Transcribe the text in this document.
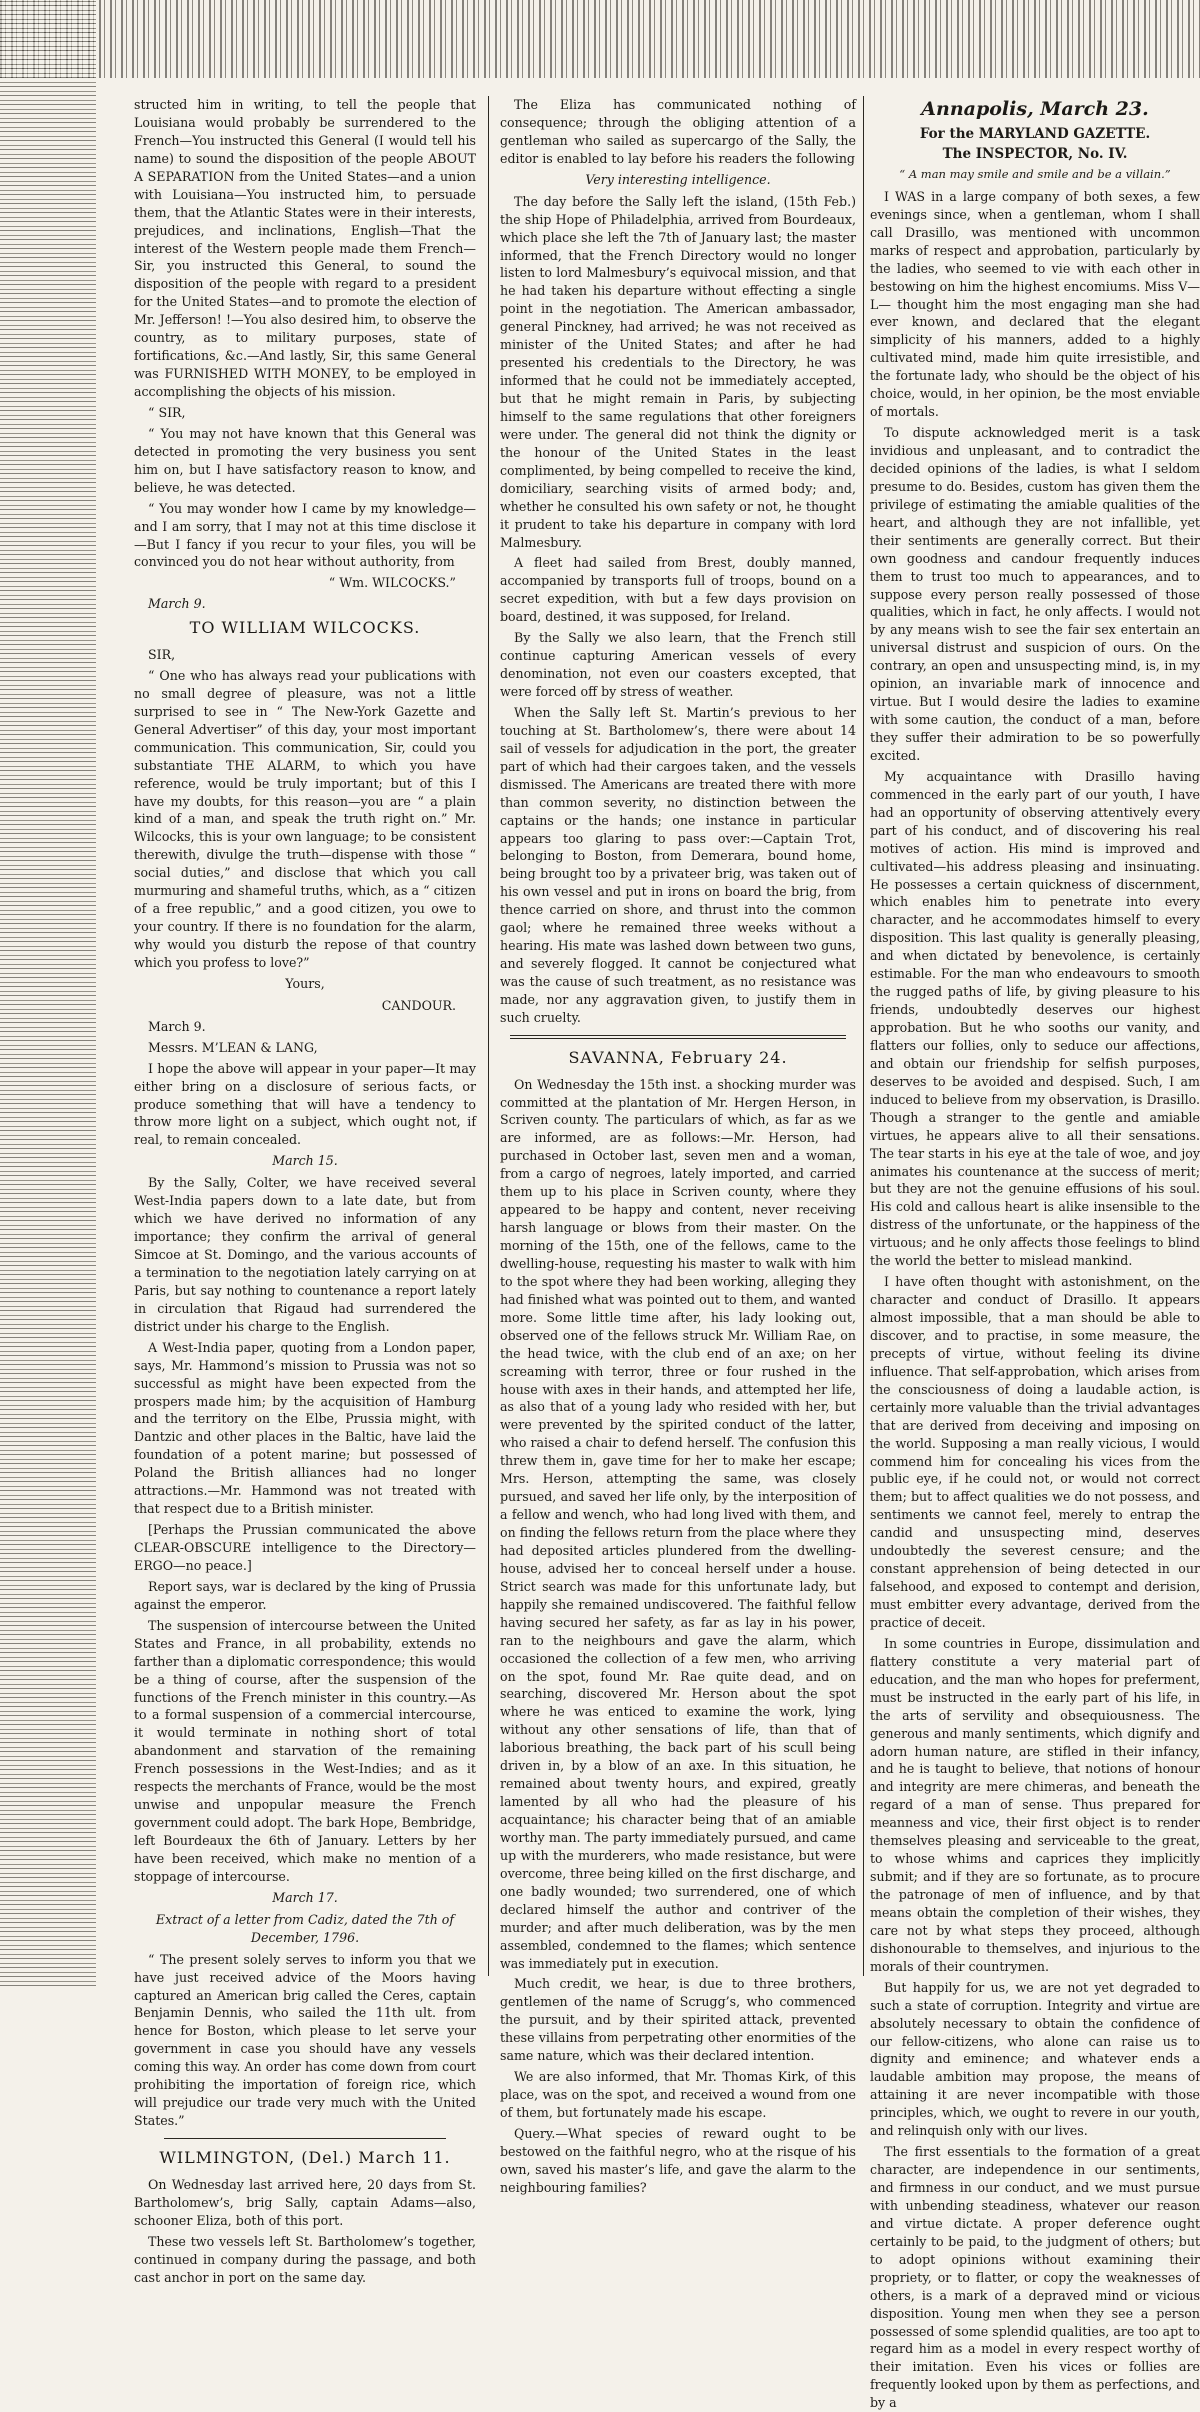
structed him in writing, to tell the people that Louisiana would probably be surrendered to the French—You instructed this General (I would tell his name) to sound the disposition of the people ABOUT A SEPARATION from the United States—and a union with Louisiana—You instructed him, to persuade them, that the Atlantic States were in their interests, prejudices, and inclinations, English—That the interest of the Western people made them French—Sir, you instructed this General, to sound the disposition of the people with regard to a president for the United States—and to promote the election of Mr. Jefferson! !—You also desired him, to observe the country, as to military purposes, state of fortifications, &c.—And lastly, Sir, this same General was FURNISHED WITH MONEY, to be employed in accomplishing the objects of his mission.

“ SIR,

“ You may not have known that this General was detected in promoting the very business you sent him on, but I have satisfactory reason to know, and believe, he was detected.

“ You may wonder how I came by my knowledge—and I am sorry, that I may not at this time disclose it—But I fancy if you recur to your files, you will be convinced you do not hear without authority, from

“ Wm. WILCOCKS.”

March 9.

TO WILLIAM WILCOCKS.

SIR,

“ One who has always read your publications with no small degree of pleasure, was not a little surprised to see in “ The New-York Gazette and General Advertiser” of this day, your most important communication. This communication, Sir, could you substantiate THE ALARM, to which you have reference, would be truly important; but of this I have my doubts, for this reason—you are “ a plain kind of a man, and speak the truth right on.” Mr. Wilcocks, this is your own language; to be consistent therewith, divulge the truth—dispense with those “ social duties,” and disclose that which you call murmuring and shameful truths, which, as a “ citizen of a free republic,” and a good citizen, you owe to your country. If there is no foundation for the alarm, why would you disturb the repose of that country which you profess to love?”

Yours,

CANDOUR.

March 9.

Messrs. M’LEAN & LANG,

I hope the above will appear in your paper—It may either bring on a disclosure of serious facts, or produce something that will have a tendency to throw more light on a subject, which ought not, if real, to remain concealed.

March 15.

By the Sally, Colter, we have received several West-India papers down to a late date, but from which we have derived no information of any importance; they confirm the arrival of general Simcoe at St. Domingo, and the various accounts of a termination to the negotiation lately carrying on at Paris, but say nothing to countenance a report lately in circulation that Rigaud had surrendered the district under his charge to the English.

A West-India paper, quoting from a London paper, says, Mr. Hammond’s mission to Prussia was not so successful as might have been expected from the prospers made him; by the acquisition of Hamburg and the territory on the Elbe, Prussia might, with Dantzic and other places in the Baltic, have laid the foundation of a potent marine; but possessed of Poland the British alliances had no longer attractions.—Mr. Hammond was not treated with that respect due to a British minister.

[Perhaps the Prussian communicated the above CLEAR-OBSCURE intelligence to the Directory—ERGO—no peace.]

Report says, war is declared by the king of Prussia against the emperor.

The suspension of intercourse between the United States and France, in all probability, extends no farther than a diplomatic correspondence; this would be a thing of course, after the suspension of the functions of the French minister in this country.—As to a formal suspension of a commercial intercourse, it would terminate in nothing short of total abandonment and starvation of the remaining French possessions in the West-Indies; and as it respects the merchants of France, would be the most unwise and unpopular measure the French government could adopt. The bark Hope, Bembridge, left Bourdeaux the 6th of January. Letters by her have been received, which make no mention of a stoppage of intercourse.

March 17.

Extract of a letter from Cadiz, dated the 7th of December, 1796.

“ The present solely serves to inform you that we have just received advice of the Moors having captured an American brig called the Ceres, captain Benjamin Dennis, who sailed the 11th ult. from hence for Boston, which please to let serve your government in case you should have any vessels coming this way. An order has come down from court prohibiting the importation of foreign rice, which will prejudice our trade very much with the United States.”

WILMINGTON, (Del.) March 11.

On Wednesday last arrived here, 20 days from St. Bartholomew’s, brig Sally, captain Adams—also, schooner Eliza, both of this port.

These two vessels left St. Bartholomew’s together, continued in company during the passage, and both cast anchor in port on the same day.

The Eliza has communicated nothing of consequence; through the obliging attention of a gentleman who sailed as supercargo of the Sally, the editor is enabled to lay before his readers the following

Very interesting intelligence.

The day before the Sally left the island, (15th Feb.) the ship Hope of Philadelphia, arrived from Bourdeaux, which place she left the 7th of January last; the master informed, that the French Directory would no longer listen to lord Malmesbury’s equivocal mission, and that he had taken his departure without effecting a single point in the negotiation. The American ambassador, general Pinckney, had arrived; he was not received as minister of the United States; and after he had presented his credentials to the Directory, he was informed that he could not be immediately accepted, but that he might remain in Paris, by subjecting himself to the same regulations that other foreigners were under. The general did not think the dignity or the honour of the United States in the least complimented, by being compelled to receive the kind, domiciliary, searching visits of armed body; and, whether he consulted his own safety or not, he thought it prudent to take his departure in company with lord Malmesbury.

A fleet had sailed from Brest, doubly manned, accompanied by transports full of troops, bound on a secret expedition, with but a few days provision on board, destined, it was supposed, for Ireland.

By the Sally we also learn, that the French still continue capturing American vessels of every denomination, not even our coasters excepted, that were forced off by stress of weather.

When the Sally left St. Martin’s previous to her touching at St. Bartholomew’s, there were about 14 sail of vessels for adjudication in the port, the greater part of which had their cargoes taken, and the vessels dismissed. The Americans are treated there with more than common severity, no distinction between the captains or the hands; one instance in particular appears too glaring to pass over:—Captain Trot, belonging to Boston, from Demerara, bound home, being brought too by a privateer brig, was taken out of his own vessel and put in irons on board the brig, from thence carried on shore, and thrust into the common gaol; where he remained three weeks without a hearing. His mate was lashed down between two guns, and severely flogged. It cannot be conjectured what was the cause of such treatment, as no resistance was made, nor any aggravation given, to justify them in such cruelty.

SAVANNA, February 24.

On Wednesday the 15th inst. a shocking murder was committed at the plantation of Mr. Hergen Herson, in Scriven county. The particulars of which, as far as we are informed, are as follows:—Mr. Herson, had purchased in October last, seven men and a woman, from a cargo of negroes, lately imported, and carried them up to his place in Scriven county, where they appeared to be happy and content, never receiving harsh language or blows from their master. On the morning of the 15th, one of the fellows, came to the dwelling-house, requesting his master to walk with him to the spot where they had been working, alleging they had finished what was pointed out to them, and wanted more. Some little time after, his lady looking out, observed one of the fellows struck Mr. William Rae, on the head twice, with the club end of an axe; on her screaming with terror, three or four rushed in the house with axes in their hands, and attempted her life, as also that of a young lady who resided with her, but were prevented by the spirited conduct of the latter, who raised a chair to defend herself. The confusion this threw them in, gave time for her to make her escape; Mrs. Herson, attempting the same, was closely pursued, and saved her life only, by the interposition of a fellow and wench, who had long lived with them, and on finding the fellows return from the place where they had deposited articles plundered from the dwelling-house, advised her to conceal herself under a house. Strict search was made for this unfortunate lady, but happily she remained undiscovered. The faithful fellow having secured her safety, as far as lay in his power, ran to the neighbours and gave the alarm, which occasioned the collection of a few men, who arriving on the spot, found Mr. Rae quite dead, and on searching, discovered Mr. Herson about the spot where he was enticed to examine the work, lying without any other sensations of life, than that of laborious breathing, the back part of his scull being driven in, by a blow of an axe. In this situation, he remained about twenty hours, and expired, greatly lamented by all who had the pleasure of his acquaintance; his character being that of an amiable worthy man. The party immediately pursued, and came up with the murderers, who made resistance, but were overcome, three being killed on the first discharge, and one badly wounded; two surrendered, one of which declared himself the author and contriver of the murder; and after much deliberation, was by the men assembled, condemned to the flames; which sentence was immediately put in execution.

Much credit, we hear, is due to three brothers, gentlemen of the name of Scrugg’s, who commenced the pursuit, and by their spirited attack, prevented these villains from perpetrating other enormities of the same nature, which was their declared intention.

We are also informed, that Mr. Thomas Kirk, of this place, was on the spot, and received a wound from one of them, but fortunately made his escape.

Query.—What species of reward ought to be bestowed on the faithful negro, who at the risque of his own, saved his master’s life, and gave the alarm to the neighbouring families?

Annapolis, March 23.

For the MARYLAND GAZETTE.

The INSPECTOR, No. IV.

“ A man may smile and smile and be a villain.”

I WAS in a large company of both sexes, a few evenings since, when a gentleman, whom I shall call Drasillo, was mentioned with uncommon marks of respect and approbation, particularly by the ladies, who seemed to vie with each other in bestowing on him the highest encomiums. Miss V— L— thought him the most engaging man she had ever known, and declared that the elegant simplicity of his manners, added to a highly cultivated mind, made him quite irresistible, and the fortunate lady, who should be the object of his choice, would, in her opinion, be the most enviable of mortals.

To dispute acknowledged merit is a task invidious and unpleasant, and to contradict the decided opinions of the ladies, is what I seldom presume to do. Besides, custom has given them the privilege of estimating the amiable qualities of the heart, and although they are not infallible, yet their sentiments are generally correct. But their own goodness and candour frequently induces them to trust too much to appearances, and to suppose every person really possessed of those qualities, which in fact, he only affects. I would not by any means wish to see the fair sex entertain an universal distrust and suspicion of ours. On the contrary, an open and unsuspecting mind, is, in my opinion, an invariable mark of innocence and virtue. But I would desire the ladies to examine with some caution, the conduct of a man, before they suffer their admiration to be so powerfully excited.

My acquaintance with Drasillo having commenced in the early part of our youth, I have had an opportunity of observing attentively every part of his conduct, and of discovering his real motives of action. His mind is improved and cultivated—his address pleasing and insinuating. He possesses a certain quickness of discernment, which enables him to penetrate into every character, and he accommodates himself to every disposition. This last quality is generally pleasing, and when dictated by benevolence, is certainly estimable. For the man who endeavours to smooth the rugged paths of life, by giving pleasure to his friends, undoubtedly deserves our highest approbation. But he who sooths our vanity, and flatters our follies, only to seduce our affections, and obtain our friendship for selfish purposes, deserves to be avoided and despised. Such, I am induced to believe from my observation, is Drasillo. Though a stranger to the gentle and amiable virtues, he appears alive to all their sensations. The tear starts in his eye at the tale of woe, and joy animates his countenance at the success of merit; but they are not the genuine effusions of his soul. His cold and callous heart is alike insensible to the distress of the unfortunate, or the happiness of the virtuous; and he only affects those feelings to blind the world the better to mislead mankind.

I have often thought with astonishment, on the character and conduct of Drasillo. It appears almost impossible, that a man should be able to discover, and to practise, in some measure, the precepts of virtue, without feeling its divine influence. That self-approbation, which arises from the consciousness of doing a laudable action, is certainly more valuable than the trivial advantages that are derived from deceiving and imposing on the world. Supposing a man really vicious, I would commend him for concealing his vices from the public eye, if he could not, or would not correct them; but to affect qualities we do not possess, and sentiments we cannot feel, merely to entrap the candid and unsuspecting mind, deserves undoubtedly the severest censure; and the constant apprehension of being detected in our falsehood, and exposed to contempt and derision, must embitter every advantage, derived from the practice of deceit.

In some countries in Europe, dissimulation and flattery constitute a very material part of education, and the man who hopes for preferment, must be instructed in the early part of his life, in the arts of servility and obsequiousness. The generous and manly sentiments, which dignify and adorn human nature, are stifled in their infancy, and he is taught to believe, that notions of honour and integrity are mere chimeras, and beneath the regard of a man of sense. Thus prepared for meanness and vice, their first object is to render themselves pleasing and serviceable to the great, to whose whims and caprices they implicitly submit; and if they are so fortunate, as to procure the patronage of men of influence, and by that means obtain the completion of their wishes, they care not by what steps they proceed, although dishonourable to themselves, and injurious to the morals of their countrymen.

But happily for us, we are not yet degraded to such a state of corruption. Integrity and virtue are absolutely necessary to obtain the confidence of our fellow-citizens, who alone can raise us to dignity and eminence; and whatever ends a laudable ambition may propose, the means of attaining it are never incompatible with those principles, which, we ought to revere in our youth, and relinquish only with our lives.

The first essentials to the formation of a great character, are independence in our sentiments, and firmness in our conduct, and we must pursue with unbending steadiness, whatever our reason and virtue dictate. A proper deference ought certainly to be paid, to the judgment of others; but to adopt opinions without examining their propriety, or to flatter, or copy the weaknesses of others, is a mark of a depraved mind or vicious disposition. Young men when they see a person possessed of some splendid qualities, are too apt to regard him as a model in every respect worthy of their imitation. Even his vices or follies are frequently looked upon by them as perfections, and by a
